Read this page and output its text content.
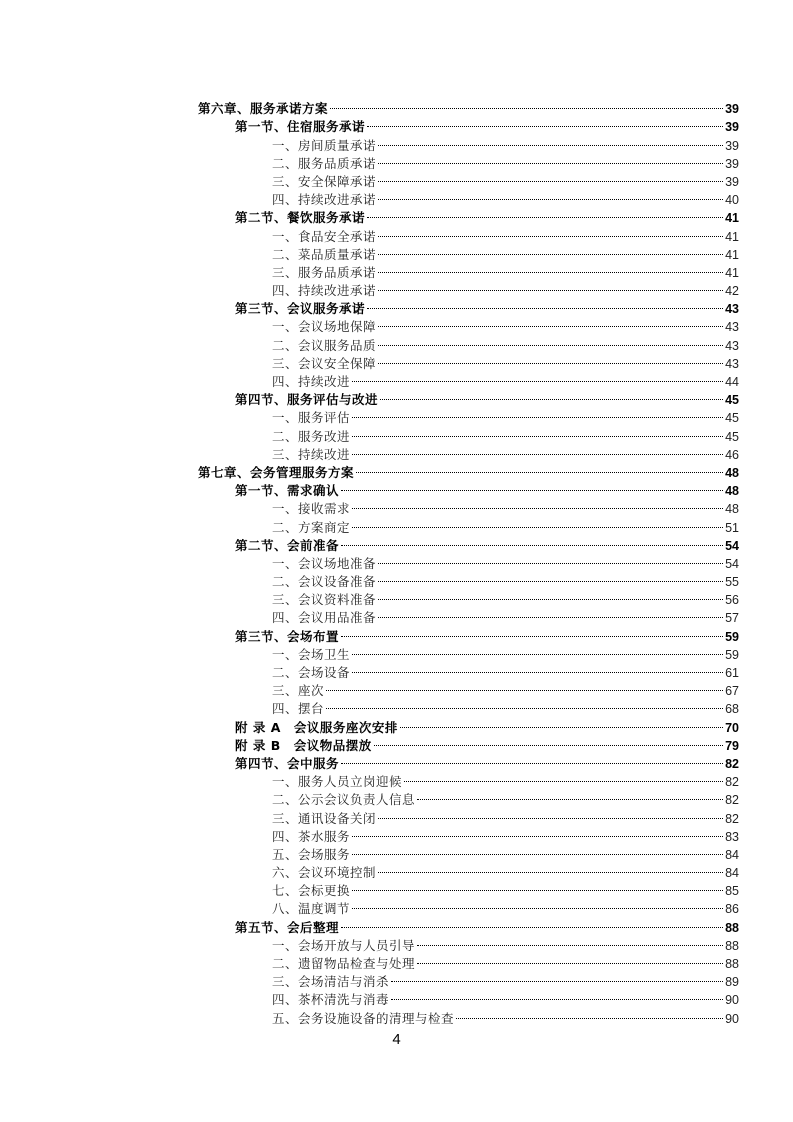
第六章、服务承诺方案	39
第一节、住宿服务承诺	39
一、房间质量承诺	39
二、服务品质承诺	39
三、安全保障承诺	39
四、持续改进承诺	40
第二节、餐饮服务承诺	41
一、食品安全承诺	41
二、菜品质量承诺	41
三、服务品质承诺	41
四、持续改进承诺	42
第三节、会议服务承诺	43
一、会议场地保障	43
二、会议服务品质	43
三、会议安全保障	43
四、持续改进	44
第四节、服务评估与改进	45
一、服务评估	45
二、服务改进	45
三、持续改进	46
第七章、会务管理服务方案	48
第一节、需求确认	48
一、接收需求	48
二、方案商定	51
第二节、会前准备	54
一、会议场地准备	54
二、会议设备准备	55
三、会议资料准备	56
四、会议用品准备	57
第三节、会场布置	59
一、会场卫生	59
二、会场设备	61
三、座次	67
四、摆台	68
附 录 A　会议服务座次安排	70
附 录 B　会议物品摆放	79
第四节、会中服务	82
一、服务人员立岗迎候	82
二、公示会议负责人信息	82
三、通讯设备关闭	82
四、茶水服务	83
五、会场服务	84
六、会议环境控制	84
七、会标更换	85
八、温度调节	86
第五节、会后整理	88
一、会场开放与人员引导	88
二、遗留物品检查与处理	88
三、会场清洁与消杀	89
四、茶杯清洗与消毒	90
五、会务设施设备的清理与检查	90
4
